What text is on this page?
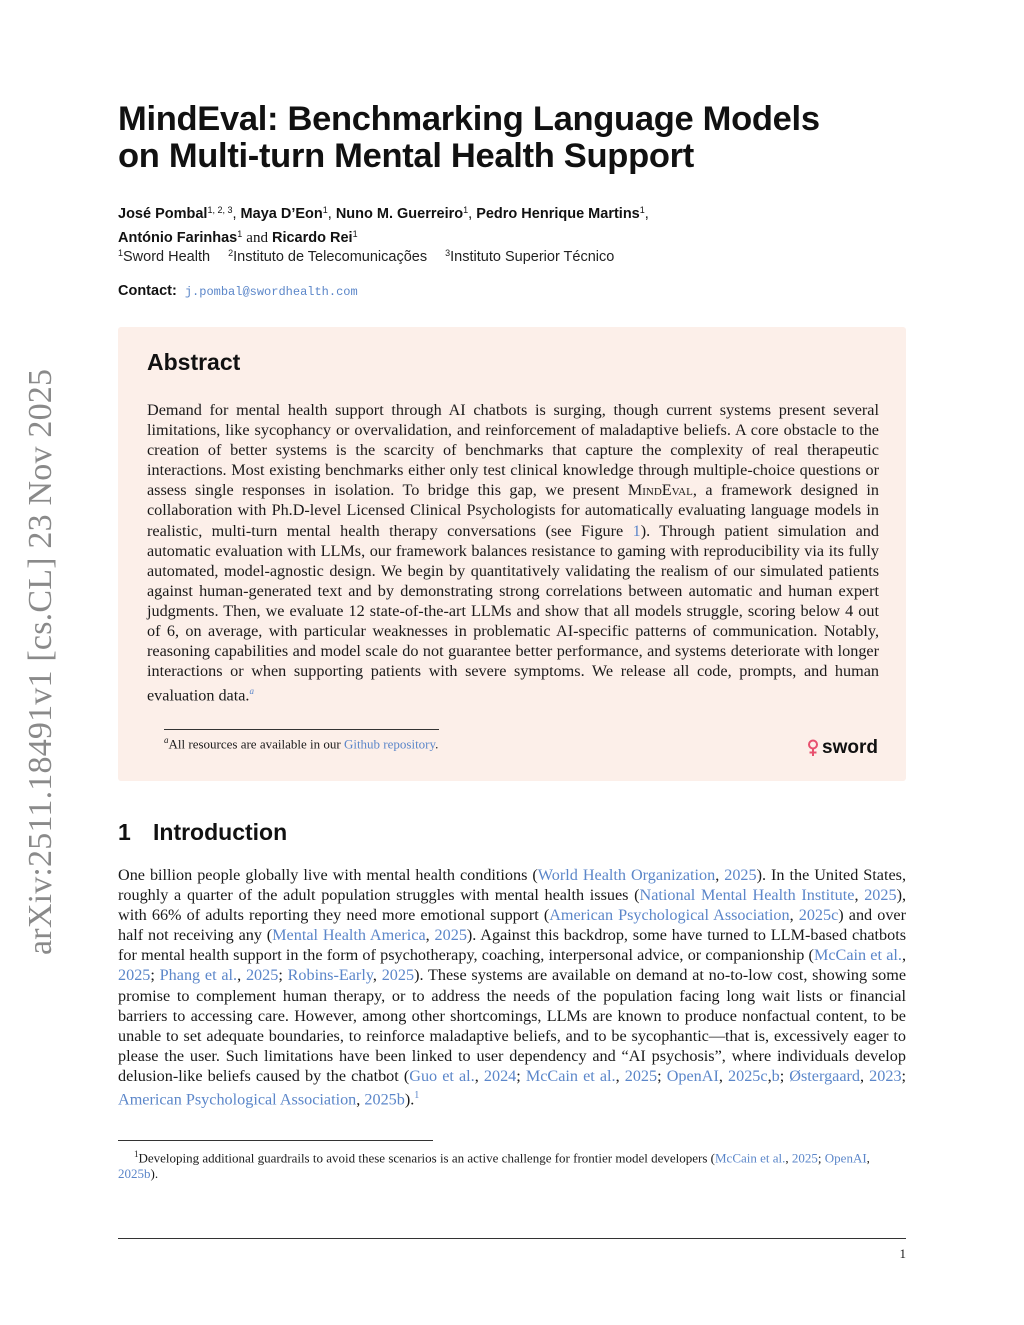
arXiv:2511.18491v1 [cs.CL] 23 Nov 2025
MindEval: Benchmarking Language Models
on Multi-turn Mental Health Support
José Pombal$^{1, 2, 3}$, Maya D’Eon$^1$, Nuno M. Guerreiro$^1$, Pedro Henrique Martins$^1$,
António Farinhas$^1$ and Ricardo Rei$^1$
$^1$Sword Health $^2$Instituto de Telecomunicações $^3$Instituto Superior Técnico
Contact: j.pombal@swordhealth.com
Abstract

Demand for mental health support through AI chatbots is surging, though current systems present several limitations, like sycophancy or overvalidation, and reinforcement of maladaptive beliefs. A core obstacle to the creation of better systems is the scarcity of benchmarks that capture the complexity of real therapeutic interactions. Most existing benchmarks either only test clinical knowledge through multiple-choice questions or assess single responses in isolation. To bridge this gap, we present MindEval, a framework designed in collaboration with Ph.D-level Licensed Clinical Psychologists for automatically evaluating language models in realistic, multi-turn mental health therapy conversations (see Figure 1). Through patient simulation and automatic evaluation with LLMs, our framework balances resistance to gaming with reproducibility via its fully automated, model-agnostic design. We begin by quantitatively validating the realism of our simulated patients against human-generated text and by demonstrating strong correlations between automatic and human expert judgments. Then, we evaluate 12 state-of-the-art LLMs and show that all models struggle, scoring below 4 out of 6, on average, with particular weaknesses in problematic AI-specific patterns of communication. Notably, reasoning capabilities and model scale do not guarantee better performance, and systems deteriorate with longer interactions or when supporting patients with severe symptoms. We release all code, prompts, and human evaluation data.$^a$

$^a$All resources are available in our Github repository.	sword
1 Introduction

One billion people globally live with mental health conditions (World Health Organization, 2025). In the United States, roughly a quarter of the adult population struggles with mental health issues (National Mental Health Institute, 2025), with 66% of adults reporting they need more emotional support (American Psychological Association, 2025c) and over half not receiving any (Mental Health America, 2025). Against this backdrop, some have turned to LLM-based chatbots for mental health support in the form of psychotherapy, coaching, interpersonal advice, or companionship (McCain et al., 2025; Phang et al., 2025; Robins-Early, 2025). These systems are available on demand at no-to-low cost, showing some promise to complement human therapy, or to address the needs of the population facing long wait lists or financial barriers to accessing care. However, among other shortcomings, LLMs are known to produce nonfactual content, to be unable to set adequate boundaries, to reinforce maladaptive beliefs, and to be sycophantic—that is, excessively eager to please the user. Such limitations have been linked to user dependency and “AI psychosis”, where individuals develop delusion-like beliefs caused by the chatbot (Guo et al., 2024; McCain et al., 2025; OpenAI, 2025c,b; Østergaard, 2023; American Psychological Association, 2025b).$^1$

$^1$Developing additional guardrails to avoid these scenarios is an active challenge for frontier model developers (McCain et al., 2025; OpenAI, 2025b).

1
